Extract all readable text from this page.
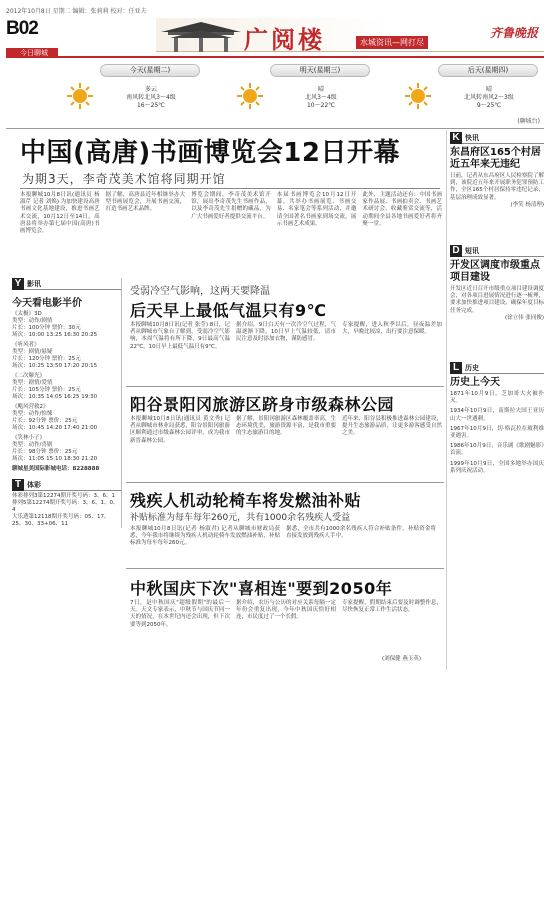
2012年10月8日 星期二 编辑：张莉莉 校对：任亚夫
B02	广阅楼	水城资讯—网打尽
齐鲁晚报
今日聊城
今天(星期二)
多云
南风转北风3～4级
16～25℃
明天(星期三)
晴
北风3～4级
10～22℃
后天(星期四)
晴
北风转南风2～3级
9～25℃
(聊城台)
中国(高唐)书画博览会12日开幕
为期3天，李奇茂美术馆将同期开馆
本报聊城10月8日讯(通讯员 杨淑芹 记者 刘焕) 为加快建设高唐书画文化基地建设，推进书画艺术交流，10月12日至14日，高唐县将举办第七届中国(高唐)书画博览会。
据了解，高唐县近年相继举办大型书画展览会，开展书画交流，打造书画艺术品牌。
博览会期间，李奇茂美术馆开馆，展出李奇茂先生书画作品，以及李奇茂先生捐赠的藏品，为广大书画爱好者提供交流平台。
本届书画博览会10月12日开幕，共举办书画展览、书画交易、名家笔会等系列活动，并邀请全国著名书画家到场交流，展示书画艺术成果。
此外，主题活动还有：中国书画家作品展、书画拍卖会、书画艺术研讨会、收藏鉴赏交流等，活动期间全县各地书画爱好者将齐聚一堂。
Y 影讯
今天看电影半价
《太极》3D
类型：动作/剧情
片长：100分钟 票价：30元
场次：10:00 13:25 16:30 20:25
《听风者》
类型：剧情/悬疑
片长：120分钟 票价：25元
场次：10:25 13:50 17:20 20:15
《二次曝光》
类型：剧情/爱情
片长：105分钟 票价：25元
场次：10:35 14:05 16:25 19:30
《飓风营救2》
类型：动作/惊悚
片长：92分钟 票价：25元
场次：10:45 14:20 17:40 21:00
《笑林小子》
类型：动作/喜剧
片长：98分钟 票价：25元
场次：11:05 15:10 18:30 21:20
聊城星美国际影城电话：8228888
T 体彩
体彩排列3第12274期开奖号码：3、6、1
排列5第12274期开奖号码：3、6、1、0、4
大乐透第12118期开奖号码：05、17、25、30、33+06、11
受弱冷空气影响，这两天要降温
后天早上最低气温只有9℃
本报聊城10月8日讯(记者 张莹) 8日，记者从聊城市气象台了解到，受弱冷空气影响，本周气温将有所下降，9日最高气温22℃，10日早上最低气温只有9℃。
据介绍，9日白天有一次冷空气过程，气温逐渐下降，10日早上气温较低，请市民注意及时添加衣物，谨防感冒。
专家提醒，进入秋季以后，昼夜温差加大，早晚比较凉，出行要注意保暖。
阳谷景阳冈旅游区跻身市级森林公园
本报聊城10月8日讯(通讯员 黄文秀) 记者从聊城市林业局获悉，阳谷景阳冈旅游区顺利通过市级森林公园评审，成为我市新晋森林公园。
据了解，景阳冈旅游区森林覆盖率高，生态环境优美，旅游资源丰富，是我市重要的生态旅游目的地。
近年来，阳谷县积极推进森林公园建设，提升生态旅游品质，让更多游客感受自然之美。
残疾人机动轮椅车将发燃油补贴
补贴标准为每车每年260元，共有1000余名残疾人受益
本报聊城10月8日讯(记者 杨淑君) 记者从聊城市财政局获悉，今年我市将继续为残疾人机动轮椅车发放燃油补贴，补贴标准为每车每年260元。
据悉，全市共有1000余名残疾人符合补贴条件，补贴资金将直接发放到残疾人手中。
中秋国庆下次"喜相连"要到2050年
7日，是中秋国庆"超级假期"的最后一天。天文专家表示，中秋节与国庆节同一天的情况，在本世纪内还会出现，但下次要等到2050年。
据介绍，农历与公历的对应关系每隔一定年份会重复出现，今年中秋国庆恰好相连，市民度过了一个长假。
专家提醒，假期结束后要及时调整作息，尽快恢复正常工作生活状态。
(刘保健 燕玉英)
K 快讯
东昌府区165个村居近五年来无违纪
日前，记者从东昌府区人民检察院了解到，该院近五年来开展职务犯罪预防工作，全区165个村居保持零违纪记录，基层治理成效显著。
(李笑 杨清理)
D 短讯
开发区调度市级重点项目建设
开发区近日召开市级重点项目建设调度会，对各项目进展情况进行逐一梳理，要求加快推进项目建设，确保年度目标任务完成。
(徐立伟 张同俊)
L 历史
历史上今天
1871年10月9日，芝加哥大火被扑灭。
1934年10月9日，南斯拉夫国王亚历山大一世遇刺。
1967年10月9日，切·格瓦拉在玻利维亚遇害。
1986年10月9日，音乐剧《歌剧魅影》首演。
1999年10月9日，全国多地举办国庆系列庆祝活动。
